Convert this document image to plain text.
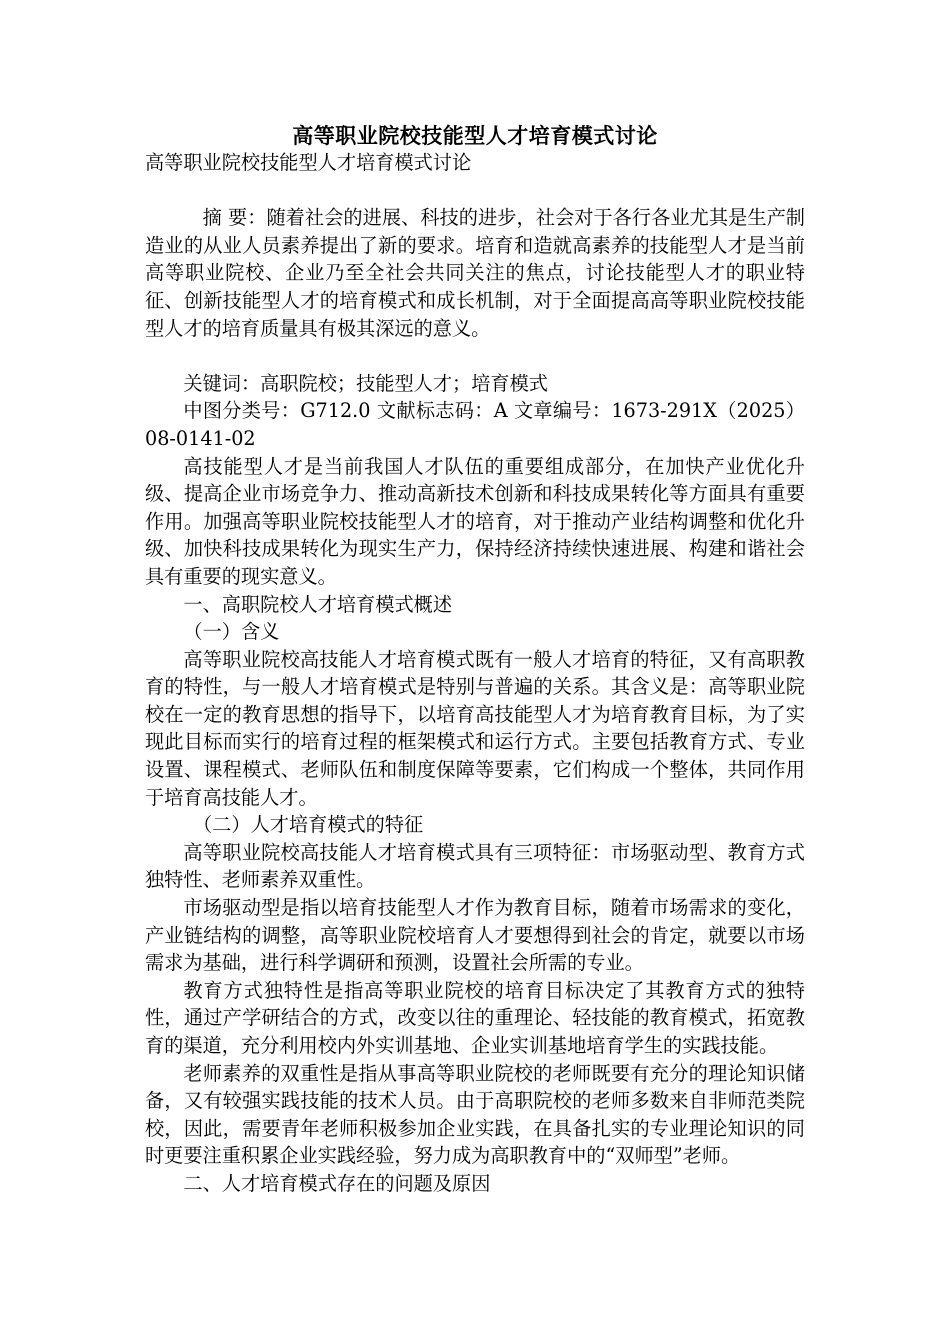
高等职业院校技能型人才培育模式讨论

高等职业院校技能型人才培育模式讨论

摘 要：随着社会的进展、科技的进步，社会对于各行各业尤其是生产制造业的从业人员素养提出了新的要求。培育和造就高素养的技能型人才是当前高等职业院校、企业乃至全社会共同关注的焦点，讨论技能型人才的职业特征、创新技能型人才的培育模式和成长机制，对于全面提高高等职业院校技能型人才的培育质量具有极其深远的意义。

关键词：高职院校；技能型人才；培育模式

中图分类号：G712.0 文献标志码：A 文章编号：1673-291X（2025）08-0141-02

高技能型人才是当前我国人才队伍的重要组成部分，在加快产业优化升级、提高企业市场竞争力、推动高新技术创新和科技成果转化等方面具有重要作用。加强高等职业院校技能型人才的培育，对于推动产业结构调整和优化升级、加快科技成果转化为现实生产力，保持经济持续快速进展、构建和谐社会具有重要的现实意义。

一、高职院校人才培育模式概述

（一）含义

高等职业院校高技能人才培育模式既有一般人才培育的特征，又有高职教育的特性，与一般人才培育模式是特别与普遍的关系。其含义是：高等职业院校在一定的教育思想的指导下，以培育高技能型人才为培育教育目标，为了实现此目标而实行的培育过程的框架模式和运行方式。主要包括教育方式、专业设置、课程模式、老师队伍和制度保障等要素，它们构成一个整体，共同作用于培育高技能人才。

（二）人才培育模式的特征

高等职业院校高技能人才培育模式具有三项特征：市场驱动型、教育方式独特性、老师素养双重性。

市场驱动型是指以培育技能型人才作为教育目标，随着市场需求的变化，产业链结构的调整，高等职业院校培育人才要想得到社会的肯定，就要以市场需求为基础，进行科学调研和预测，设置社会所需的专业。

教育方式独特性是指高等职业院校的培育目标决定了其教育方式的独特性，通过产学研结合的方式，改变以往的重理论、轻技能的教育模式，拓宽教育的渠道，充分利用校内外实训基地、企业实训基地培育学生的实践技能。

老师素养的双重性是指从事高等职业院校的老师既要有充分的理论知识储备，又有较强实践技能的技术人员。由于高职院校的老师多数来自非师范类院校，因此，需要青年老师积极参加企业实践，在具备扎实的专业理论知识的同时更要注重积累企业实践经验，努力成为高职教育中的“双师型”老师。

二、人才培育模式存在的问题及原因
